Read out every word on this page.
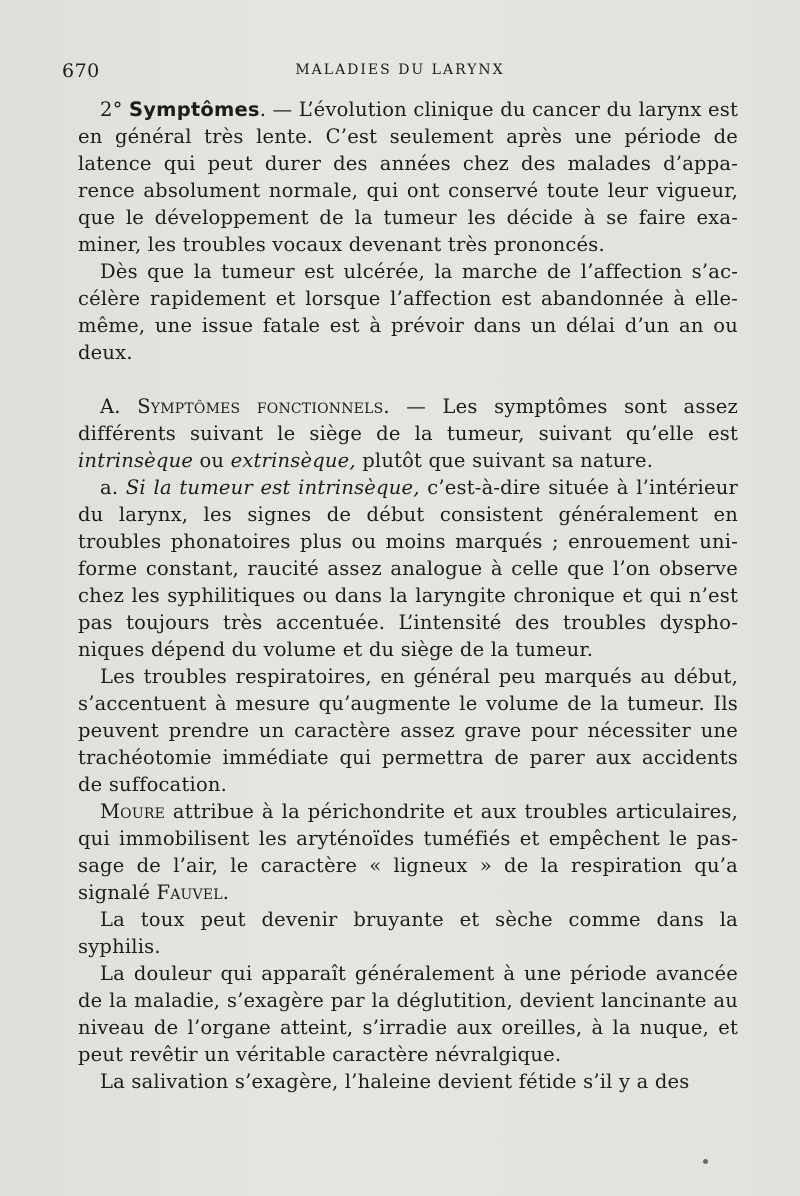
670	MALADIES DU LARYNX

2° Symptômes. — L’évolution clinique du cancer du larynx est en général très lente. C’est seulement après une période de latence qui peut durer des années chez des malades d’appa-rence absolument normale, qui ont conservé toute leur vigueur, que le développement de la tumeur les décide à se faire exa-miner, les troubles vocaux devenant très prononcés.

Dès que la tumeur est ulcérée, la marche de l’affection s’ac-célère rapidement et lorsque l’affection est abandonnée à elle-même, une issue fatale est à prévoir dans un délai d’un an ou deux.

A. Symptômes fonctionnels. — Les symptômes sont assez différents suivant le siège de la tumeur, suivant qu’elle est intrinsèque ou extrinsèque, plutôt que suivant sa nature.

a. Si la tumeur est intrinsèque, c’est-à-dire située à l’intérieur du larynx, les signes de début consistent généralement en troubles phonatoires plus ou moins marqués ; enrouement uni-forme constant, raucité assez analogue à celle que l’on observe chez les syphilitiques ou dans la laryngite chronique et qui n’est pas toujours très accentuée. L’intensité des troubles dyspho-niques dépend du volume et du siège de la tumeur.

Les troubles respiratoires, en général peu marqués au début, s’accentuent à mesure qu’augmente le volume de la tumeur. Ils peuvent prendre un caractère assez grave pour nécessiter une trachéotomie immédiate qui permettra de parer aux accidents de suffocation.

Moure attribue à la périchondrite et aux troubles articulaires, qui immobilisent les aryténoïdes tuméfiés et empêchent le pas-sage de l’air, le caractère « ligneux » de la respiration qu’a signalé Fauvel.

La toux peut devenir bruyante et sèche comme dans la syphilis.

La douleur qui apparaît généralement à une période avancée de la maladie, s’exagère par la déglutition, devient lancinante au niveau de l’organe atteint, s’irradie aux oreilles, à la nuque, et peut revêtir un véritable caractère névralgique.

La salivation s’exagère, l’haleine devient fétide s’il y a des
